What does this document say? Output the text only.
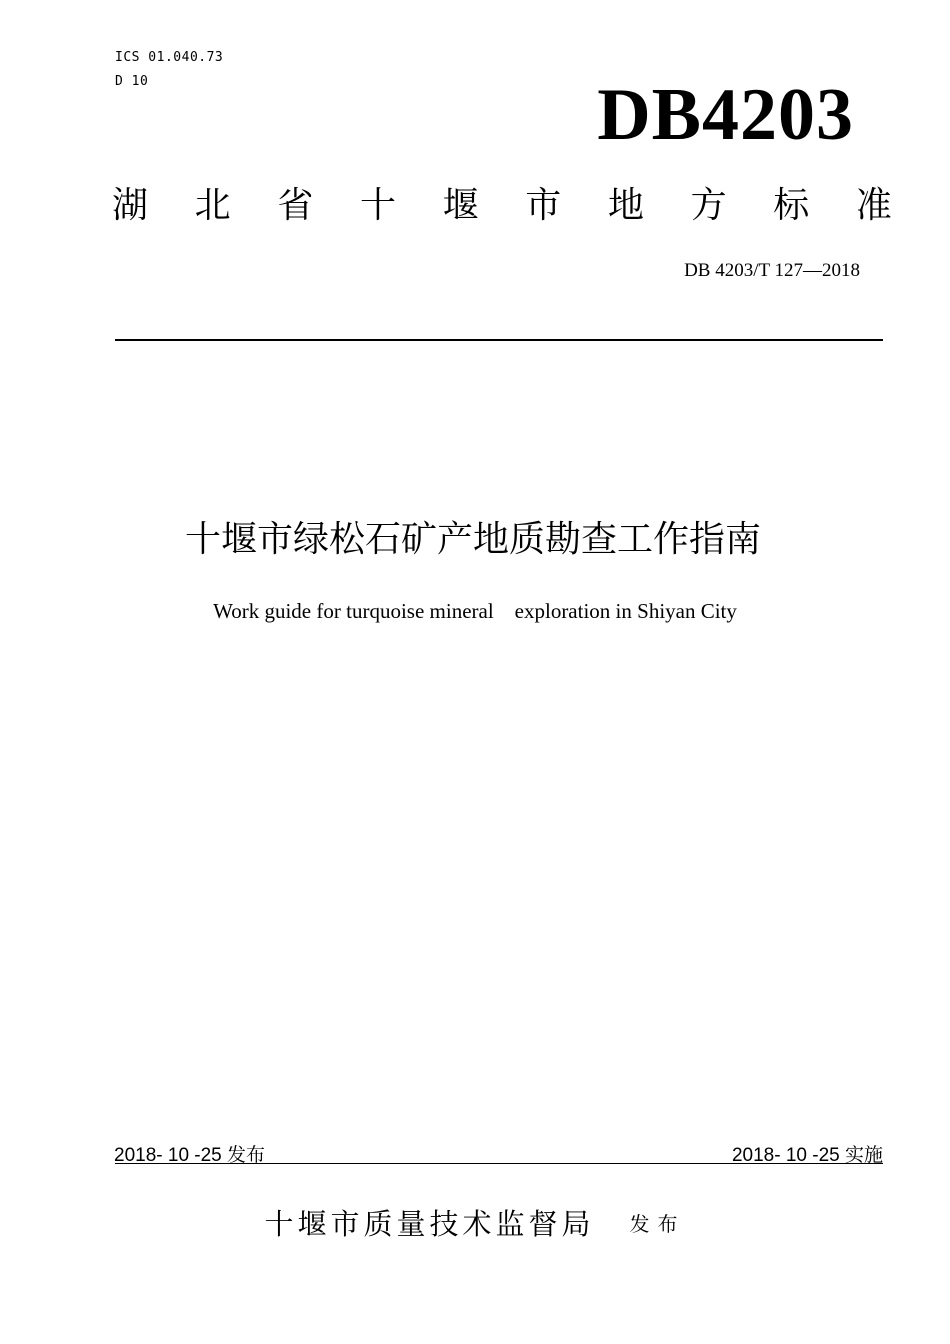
ICS 01.040.73
D 10	DB4203
湖 北 省 十 堰 市 地 方 标 准
DB 4203/T 127—2018
十堰市绿松石矿产地质勘查工作指南
Work guide for turquoise mineral    exploration in Shiyan City
2018- 10 -25 发布	2018- 10 -25 实施
十堰市质量技术监督局 发布
